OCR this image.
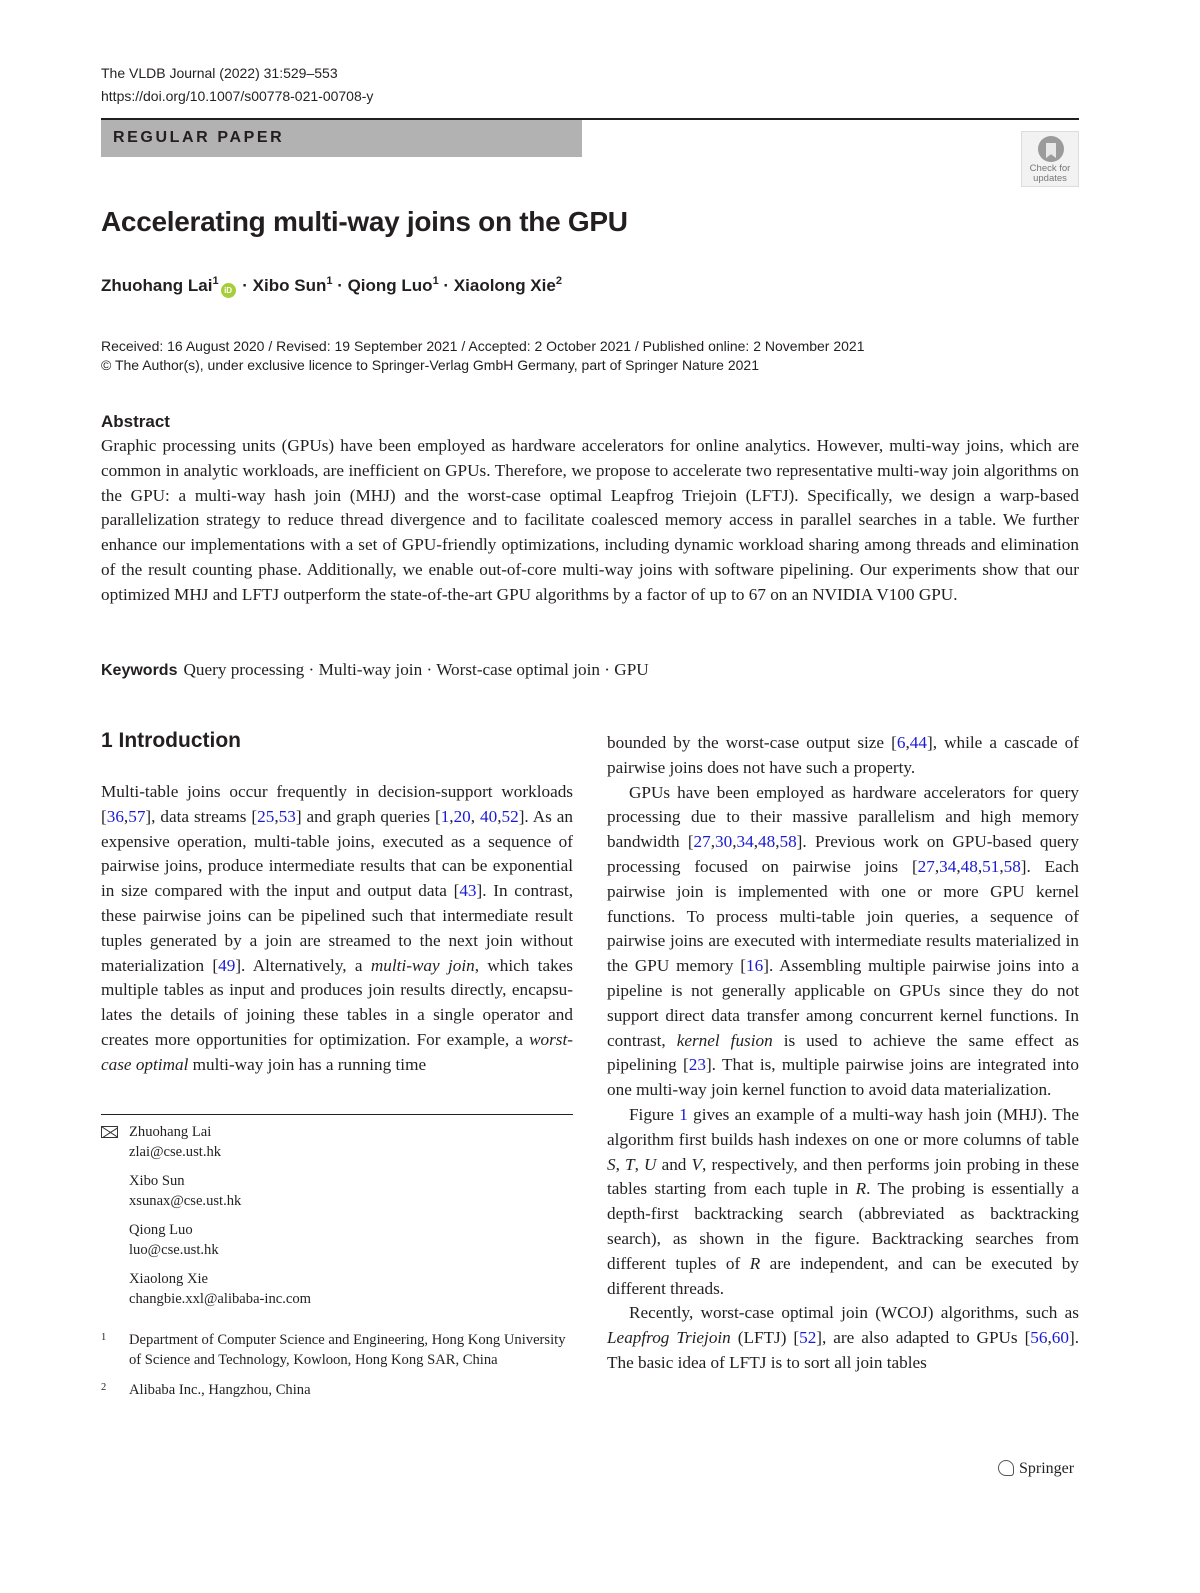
The VLDB Journal (2022) 31:529–553
https://doi.org/10.1007/s00778-021-00708-y
REGULAR PAPER
Check for
updates
Accelerating multi-way joins on the GPU
Zhuohang Lai$^1$iD · Xibo Sun$^1$ · Qiong Luo$^1$ · Xiaolong Xie$^2$
Received: 16 August 2020 / Revised: 19 September 2021 / Accepted: 2 October 2021 / Published online: 2 November 2021
© The Author(s), under exclusive licence to Springer-Verlag GmbH Germany, part of Springer Nature 2021
Abstract
Graphic processing units (GPUs) have been employed as hardware accelerators for online analytics. However, multi-way joins, which are common in analytic workloads, are inefficient on GPUs. Therefore, we propose to accelerate two representative multi-way join algorithms on the GPU: a multi-way hash join (MHJ) and the worst-case optimal Leapfrog Triejoin (LFTJ). Specifically, we design a warp-based parallelization strategy to reduce thread divergence and to facilitate coalesced memory access in parallel searches in a table. We further enhance our implementations with a set of GPU-friendly optimizations, including dynamic workload sharing among threads and elimination of the result counting phase. Additionally, we enable out-of-core multi-way joins with software pipelining. Our experiments show that our optimized MHJ and LFTJ outperform the state-of-the-art GPU algorithms by a factor of up to 67 on an NVIDIA V100 GPU.
Keywords Query processing · Multi-way join · Worst-case optimal join · GPU
1 Introduction

Multi-table joins occur frequently in decision-support workloads [36,57], data streams [25,53] and graph queries [1,20, 40,52]. As an expensive operation, multi-table joins, executed as a sequence of pairwise joins, produce intermediate results that can be exponential in size compared with the input and output data [43]. In contrast, these pairwise joins can be pipelined such that intermediate result tuples generated by a join are streamed to the next join without materialization [49]. Alternatively, a multi-way join, which takes multiple tables as input and produces join results directly, encapsulates the details of joining these tables in a single operator and creates more opportunities for optimization. For example, a worst-case optimal multi-way join has a running time

bounded by the worst-case output size [6,44], while a cascade of pairwise joins does not have such a property.

GPUs have been employed as hardware accelerators for query processing due to their massive parallelism and high memory bandwidth [27,30,34,48,58]. Previous work on GPU-based query processing focused on pairwise joins [27,34,48,51,58]. Each pairwise join is implemented with one or more GPU kernel functions. To process multi-table join queries, a sequence of pairwise joins are executed with intermediate results materialized in the GPU memory [16]. Assembling multiple pairwise joins into a pipeline is not generally applicable on GPUs since they do not support direct data transfer among concurrent kernel functions. In contrast, kernel fusion is used to achieve the same effect as pipelining [23]. That is, multiple pairwise joins are integrated into one multi-way join kernel function to avoid data materialization.

Figure 1 gives an example of a multi-way hash join (MHJ). The algorithm first builds hash indexes on one or more columns of table S, T, U and V, respectively, and then performs join probing in these tables starting from each tuple in R. The probing is essentially a depth-first backtracking search (abbreviated as backtracking search), as shown in the figure. Backtracking searches from different tuples of R are independent, and can be executed by different threads.

Recently, worst-case optimal join (WCOJ) algorithms, such as Leapfrog Triejoin (LFTJ) [52], are also adapted to GPUs [56,60]. The basic idea of LFTJ is to sort all join tables

Zhuohang Lai
zlai@cse.ust.hk
Xibo Sun
xsunax@cse.ust.hk
Qiong Luo
luo@cse.ust.hk
Xiaolong Xie
changbie.xxl@alibaba-inc.com
1 Department of Computer Science and Engineering, Hong Kong University of Science and Technology, Kowloon, Hong Kong SAR, China
2 Alibaba Inc., Hangzhou, China
Springer
